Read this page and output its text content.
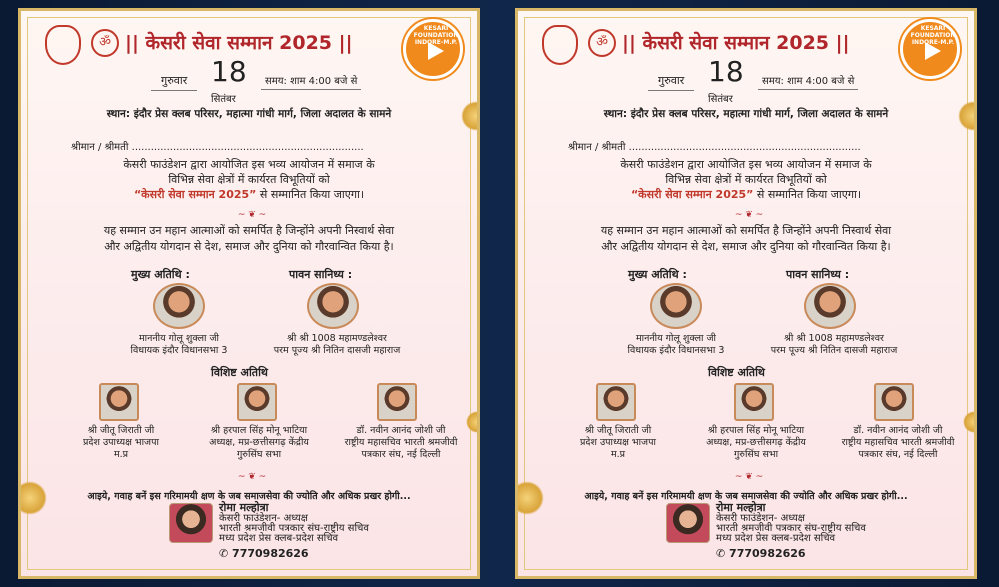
ॐ || केसरी सेवा सम्मान 2025 ||
KESARI FOUNDATION INDORE-M.P.
गुरुवार 18	समय: शाम 4:00 बजे से
सितंबर
स्थान: इंदौर प्रेस क्लब परिसर, महात्मा गांधी मार्ग, जिला अदालत के सामने
श्रीमान / श्रीमती .........................................................................
केसरी फाउंडेशन द्वारा आयोजित इस भव्य आयोजन में समाज के
विभिन्न सेवा क्षेत्रों में कार्यरत विभूतियों को
“केसरी सेवा सम्मान 2025” से सम्मानित किया जाएगा।
~ ❦ ~
यह सम्मान उन महान आत्माओं को समर्पित है जिन्होंने अपनी निस्वार्थ सेवा
और अद्वितीय योगदान से देश, समाज और दुनिया को गौरवान्वित किया है।
मुख्य अतिथि :	पावन सानिध्य :
माननीय गोलू शुक्ला जी
विधायक इंदौर विधानसभा 3
श्री श्री 1008 महामण्डलेश्वर
परम पूज्य श्री नितिन दासजी महाराज
विशिष्ट अतिथि
श्री जीतू जिराती जी
प्रदेश उपाध्यक्ष भाजपा
म.प्र
श्री हरपाल सिंह मोनू भाटिया
अध्यक्ष, मप्र-छत्तीसगढ़ केंद्रीय
गुरुसिंघ सभा
डॉ. नवीन आनंद जोशी जी
राष्ट्रीय महासचिव भारती श्रमजीवी
पत्रकार संघ, नई दिल्ली
~ ❦ ~
आइये, गवाह बनें इस गरिमामयी क्षण के जब समाजसेवा की ज्योति और अधिक प्रखर होगी...
रोमा मल्होत्रा
केसरी फाउंडेशन- अध्यक्ष
भारती श्रमजीवी पत्रकार संघ-राष्ट्रीय सचिव
मध्य प्रदेश प्रेस क्लब-प्रदेश सचिव
✆ 7770982626
ॐ || केसरी सेवा सम्मान 2025 ||
KESARI FOUNDATION INDORE-M.P.
गुरुवार 18	समय: शाम 4:00 बजे से
सितंबर
स्थान: इंदौर प्रेस क्लब परिसर, महात्मा गांधी मार्ग, जिला अदालत के सामने
श्रीमान / श्रीमती .........................................................................
केसरी फाउंडेशन द्वारा आयोजित इस भव्य आयोजन में समाज के
विभिन्न सेवा क्षेत्रों में कार्यरत विभूतियों को
“केसरी सेवा सम्मान 2025” से सम्मानित किया जाएगा।
~ ❦ ~
यह सम्मान उन महान आत्माओं को समर्पित है जिन्होंने अपनी निस्वार्थ सेवा
और अद्वितीय योगदान से देश, समाज और दुनिया को गौरवान्वित किया है।
मुख्य अतिथि :	पावन सानिध्य :
माननीय गोलू शुक्ला जी
विधायक इंदौर विधानसभा 3
श्री श्री 1008 महामण्डलेश्वर
परम पूज्य श्री नितिन दासजी महाराज
विशिष्ट अतिथि
श्री जीतू जिराती जी
प्रदेश उपाध्यक्ष भाजपा
म.प्र
श्री हरपाल सिंह मोनू भाटिया
अध्यक्ष, मप्र-छत्तीसगढ़ केंद्रीय
गुरुसिंघ सभा
डॉ. नवीन आनंद जोशी जी
राष्ट्रीय महासचिव भारती श्रमजीवी
पत्रकार संघ, नई दिल्ली
~ ❦ ~
आइये, गवाह बनें इस गरिमामयी क्षण के जब समाजसेवा की ज्योति और अधिक प्रखर होगी...
रोमा मल्होत्रा
केसरी फाउंडेशन- अध्यक्ष
भारती श्रमजीवी पत्रकार संघ-राष्ट्रीय सचिव
मध्य प्रदेश प्रेस क्लब-प्रदेश सचिव
✆ 7770982626
